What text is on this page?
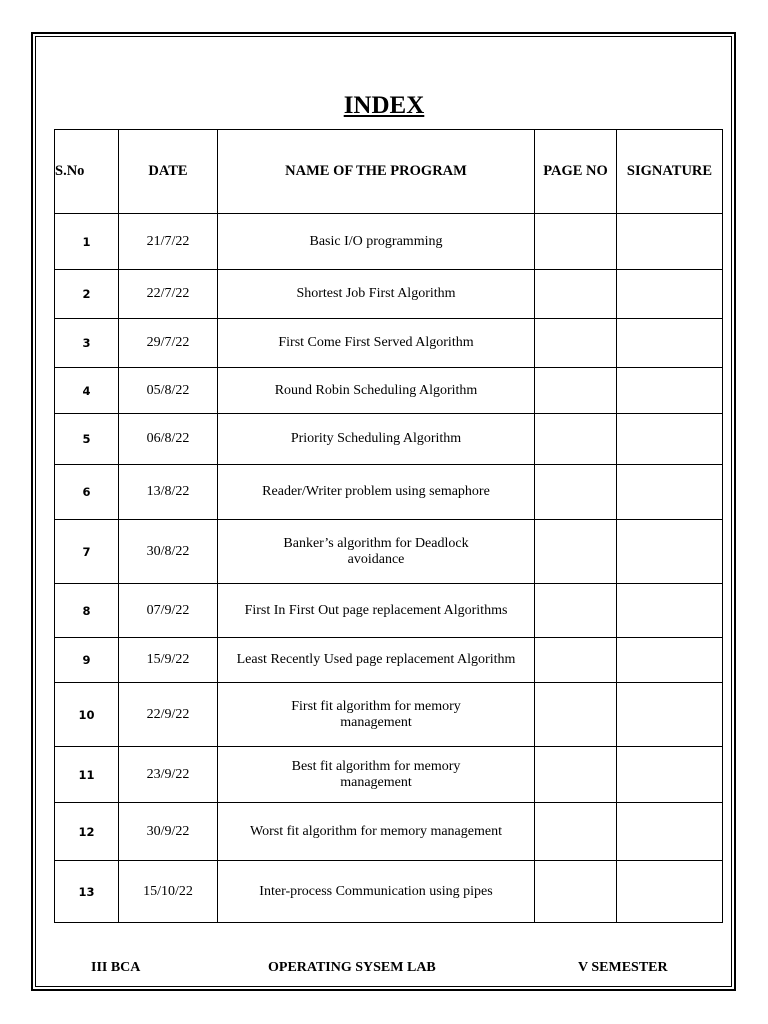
INDEX
S.No	DATE	NAME OF THE PROGRAM	PAGE NO	SIGNATURE
1	21/7/22	Basic I/O programming		
2	22/7/22	Shortest Job First Algorithm		
3	29/7/22	First Come First Served Algorithm		
4	05/8/22	Round Robin Scheduling Algorithm		
5	06/8/22	Priority Scheduling Algorithm		
6	13/8/22	Reader/Writer problem using semaphore		
7	30/8/22	Banker’s algorithm for Deadlock avoidance		
8	07/9/22	First In First Out page replacement Algorithms		
9	15/9/22	Least Recently Used page replacement Algorithm		
10	22/9/22	First fit algorithm for memory management		
11	23/9/22	Best fit algorithm for memory management		
12	30/9/22	Worst fit algorithm for memory management		
13	15/10/22	Inter-process Communication using pipes		
III BCA	OPERATING SYSEM LAB	V SEMESTER
